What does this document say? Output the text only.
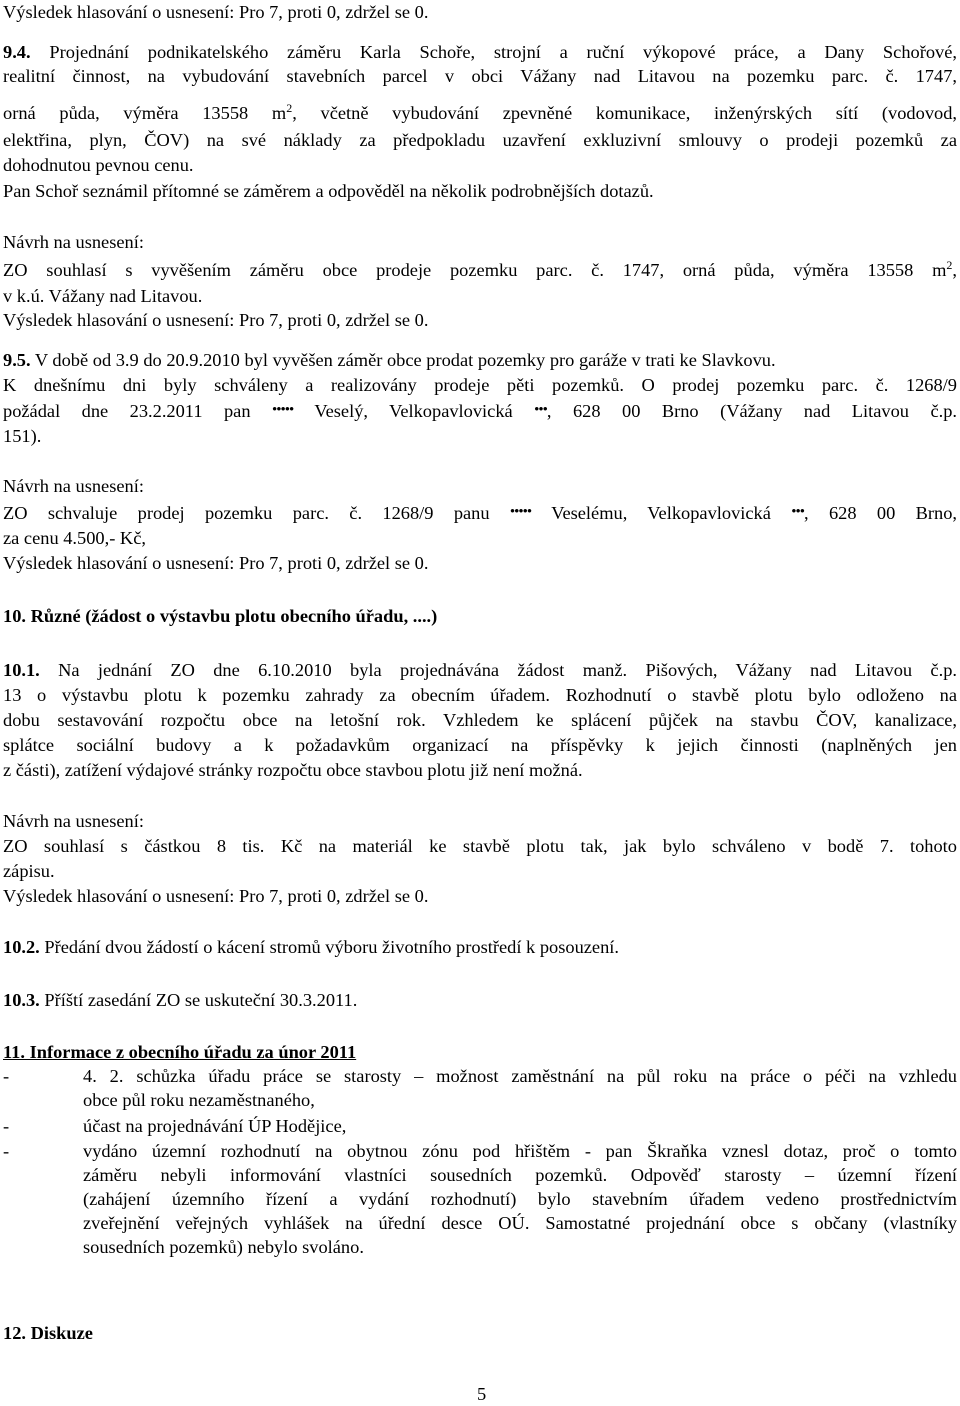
Výsledek hlasování o usnesení: Pro 7, proti 0, zdržel se 0.
9.4. Projednání podnikatelského záměru Karla Schoře, strojní a ruční výkopové práce, a Dany Schořové,
realitní činnost, na vybudování stavebních parcel v obci Vážany nad Litavou na pozemku parc. č. 1747,
orná půda, výměra 13558 $m^2$, včetně vybudování zpevněné komunikace, inženýrských sítí (vodovod,
elektřina, plyn, ČOV) na své náklady za předpokladu uzavření exkluzivní smlouvy o prodeji pozemků za
dohodnutou pevnou cenu.
Pan Schoř seznámil přítomné se záměrem a odpověděl na několik podrobnějších dotazů.
Návrh na usnesení:
ZO souhlasí s vyvěšením záměru obce prodeje pozemku parc. č. 1747, orná půda, výměra 13558 $m^2$,
v k.ú. Vážany nad Litavou.
Výsledek hlasování o usnesení: Pro 7, proti 0, zdržel se 0.
9.5. V době od 3.9 do 20.9.2010 byl vyvěšen záměr obce prodat pozemky pro garáže v trati ke Slavkovu.
K dnešnímu dni byly schváleny a realizovány prodeje pěti pozemků. O prodej pozemku parc. č. 1268/9
požádal dne 23.2.2011 pan ••••• Veselý, Velkopavlovická •••, 628 00 Brno (Vážany nad Litavou č.p.
151).
Návrh na usnesení:
ZO schvaluje prodej pozemku parc. č. 1268/9 panu ••••• Veselému, Velkopavlovická •••, 628 00 Brno,
za cenu 4.500,- Kč,
Výsledek hlasování o usnesení: Pro 7, proti 0, zdržel se 0.
10. Různé (žádost o výstavbu plotu obecního úřadu, ....)
10.1. Na jednání ZO dne 6.10.2010 byla projednávána žádost manž. Pišových, Vážany nad Litavou č.p.
13 o výstavbu plotu k pozemku zahrady za obecním úřadem. Rozhodnutí o stavbě plotu bylo odloženo na
dobu sestavování rozpočtu obce na letošní rok. Vzhledem ke splácení půjček na stavbu ČOV, kanalizace,
splátce sociální budovy a k požadavkům organizací na příspěvky k jejich činnosti (naplněných jen
z části), zatížení výdajové stránky rozpočtu obce stavbou plotu již není možná.
Návrh na usnesení:
ZO souhlasí s částkou 8 tis. Kč na materiál ke stavbě plotu tak, jak bylo schváleno v bodě 7. tohoto
zápisu.
Výsledek hlasování o usnesení: Pro 7, proti 0, zdržel se 0.
10.2. Předání dvou žádostí o kácení stromů výboru životního prostředí k posouzení.
10.3. Příští zasedání ZO se uskuteční 30.3.2011.
11. Informace z obecního úřadu za únor 2011
-	4. 2. schůzka úřadu práce se starosty – možnost zaměstnání na půl roku na práce o péči na vzhledu
obce půl roku nezaměstnaného,
-	účast na projednávání ÚP Hodějice,
-	vydáno územní rozhodnutí na obytnou zónu pod hřištěm - pan Škraňka vznesl dotaz, proč o tomto
záměru nebyli informování vlastníci sousedních pozemků. Odpověď starosty – územní řízení
(zahájení územního řízení a vydání rozhodnutí) bylo stavebním úřadem vedeno prostřednictvím
zveřejnění veřejných vyhlášek na úřední desce OÚ. Samostatné projednání obce s občany (vlastníky
sousedních pozemků) nebylo svoláno.
12. Diskuze
5
